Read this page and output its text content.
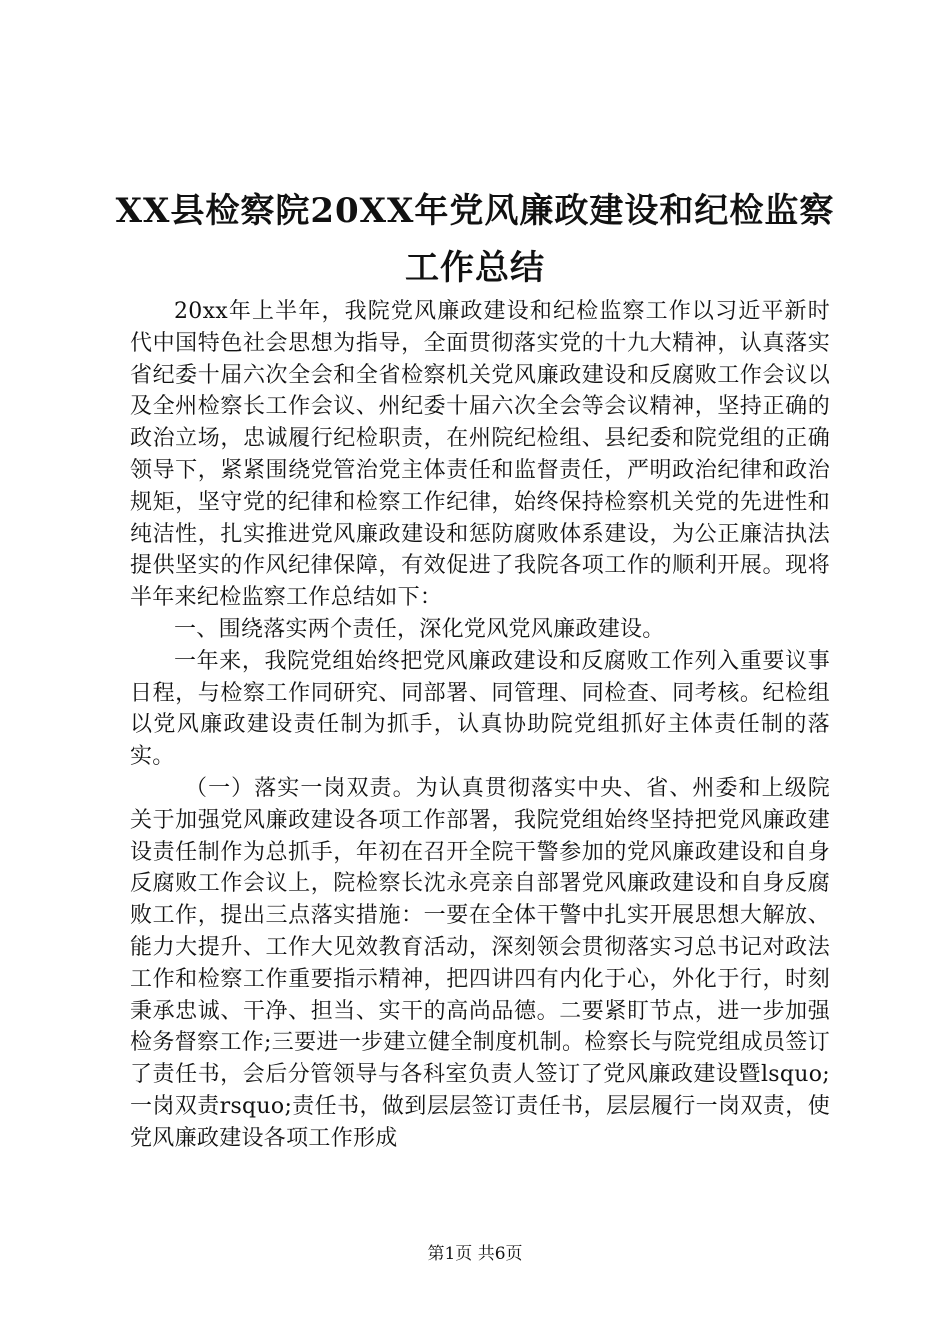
XX县检察院20XX年党风廉政建设和纪检监察
工作总结

20xx年上半年，我院党风廉政建设和纪检监察工作以习近平新时代中国特色社会思想为指导，全面贯彻落实党的十九大精神，认真落实省纪委十届六次全会和全省检察机关党风廉政建设和反腐败工作会议以及全州检察长工作会议、州纪委十届六次全会等会议精神，坚持正确的政治立场，忠诚履行纪检职责，在州院纪检组、县纪委和院党组的正确领导下，紧紧围绕党管治党主体责任和监督责任，严明政治纪律和政治规矩，坚守党的纪律和检察工作纪律，始终保持检察机关党的先进性和纯洁性，扎实推进党风廉政建设和惩防腐败体系建设，为公正廉洁执法提供坚实的作风纪律保障，有效促进了我院各项工作的顺利开展。现将半年来纪检监察工作总结如下：

一、围绕落实两个责任，深化党风党风廉政建设。

一年来，我院党组始终把党风廉政建设和反腐败工作列入重要议事日程，与检察工作同研究、同部署、同管理、同检查、同考核。纪检组以党风廉政建设责任制为抓手，认真协助院党组抓好主体责任制的落实。

（一）落实一岗双责。为认真贯彻落实中央、省、州委和上级院关于加强党风廉政建设各项工作部署，我院党组始终坚持把党风廉政建设责任制作为总抓手，年初在召开全院干警参加的党风廉政建设和自身反腐败工作会议上，院检察长沈永亮亲自部署党风廉政建设和自身反腐败工作，提出三点落实措施：一要在全体干警中扎实开展思想大解放、能力大提升、工作大见效教育活动，深刻领会贯彻落实习总书记对政法工作和检察工作重要指示精神，把四讲四有内化于心，外化于行，时刻秉承忠诚、干净、担当、实干的高尚品德。二要紧盯节点，进一步加强检务督察工作;三要进一步建立健全制度机制。检察长与院党组成员签订了责任书，会后分管领导与各科室负责人签订了党风廉政建设暨lsquo;一岗双责rsquo;责任书，做到层层签订责任书，层层履行一岗双责，使党风廉政建设各项工作形成

第1页 共6页
